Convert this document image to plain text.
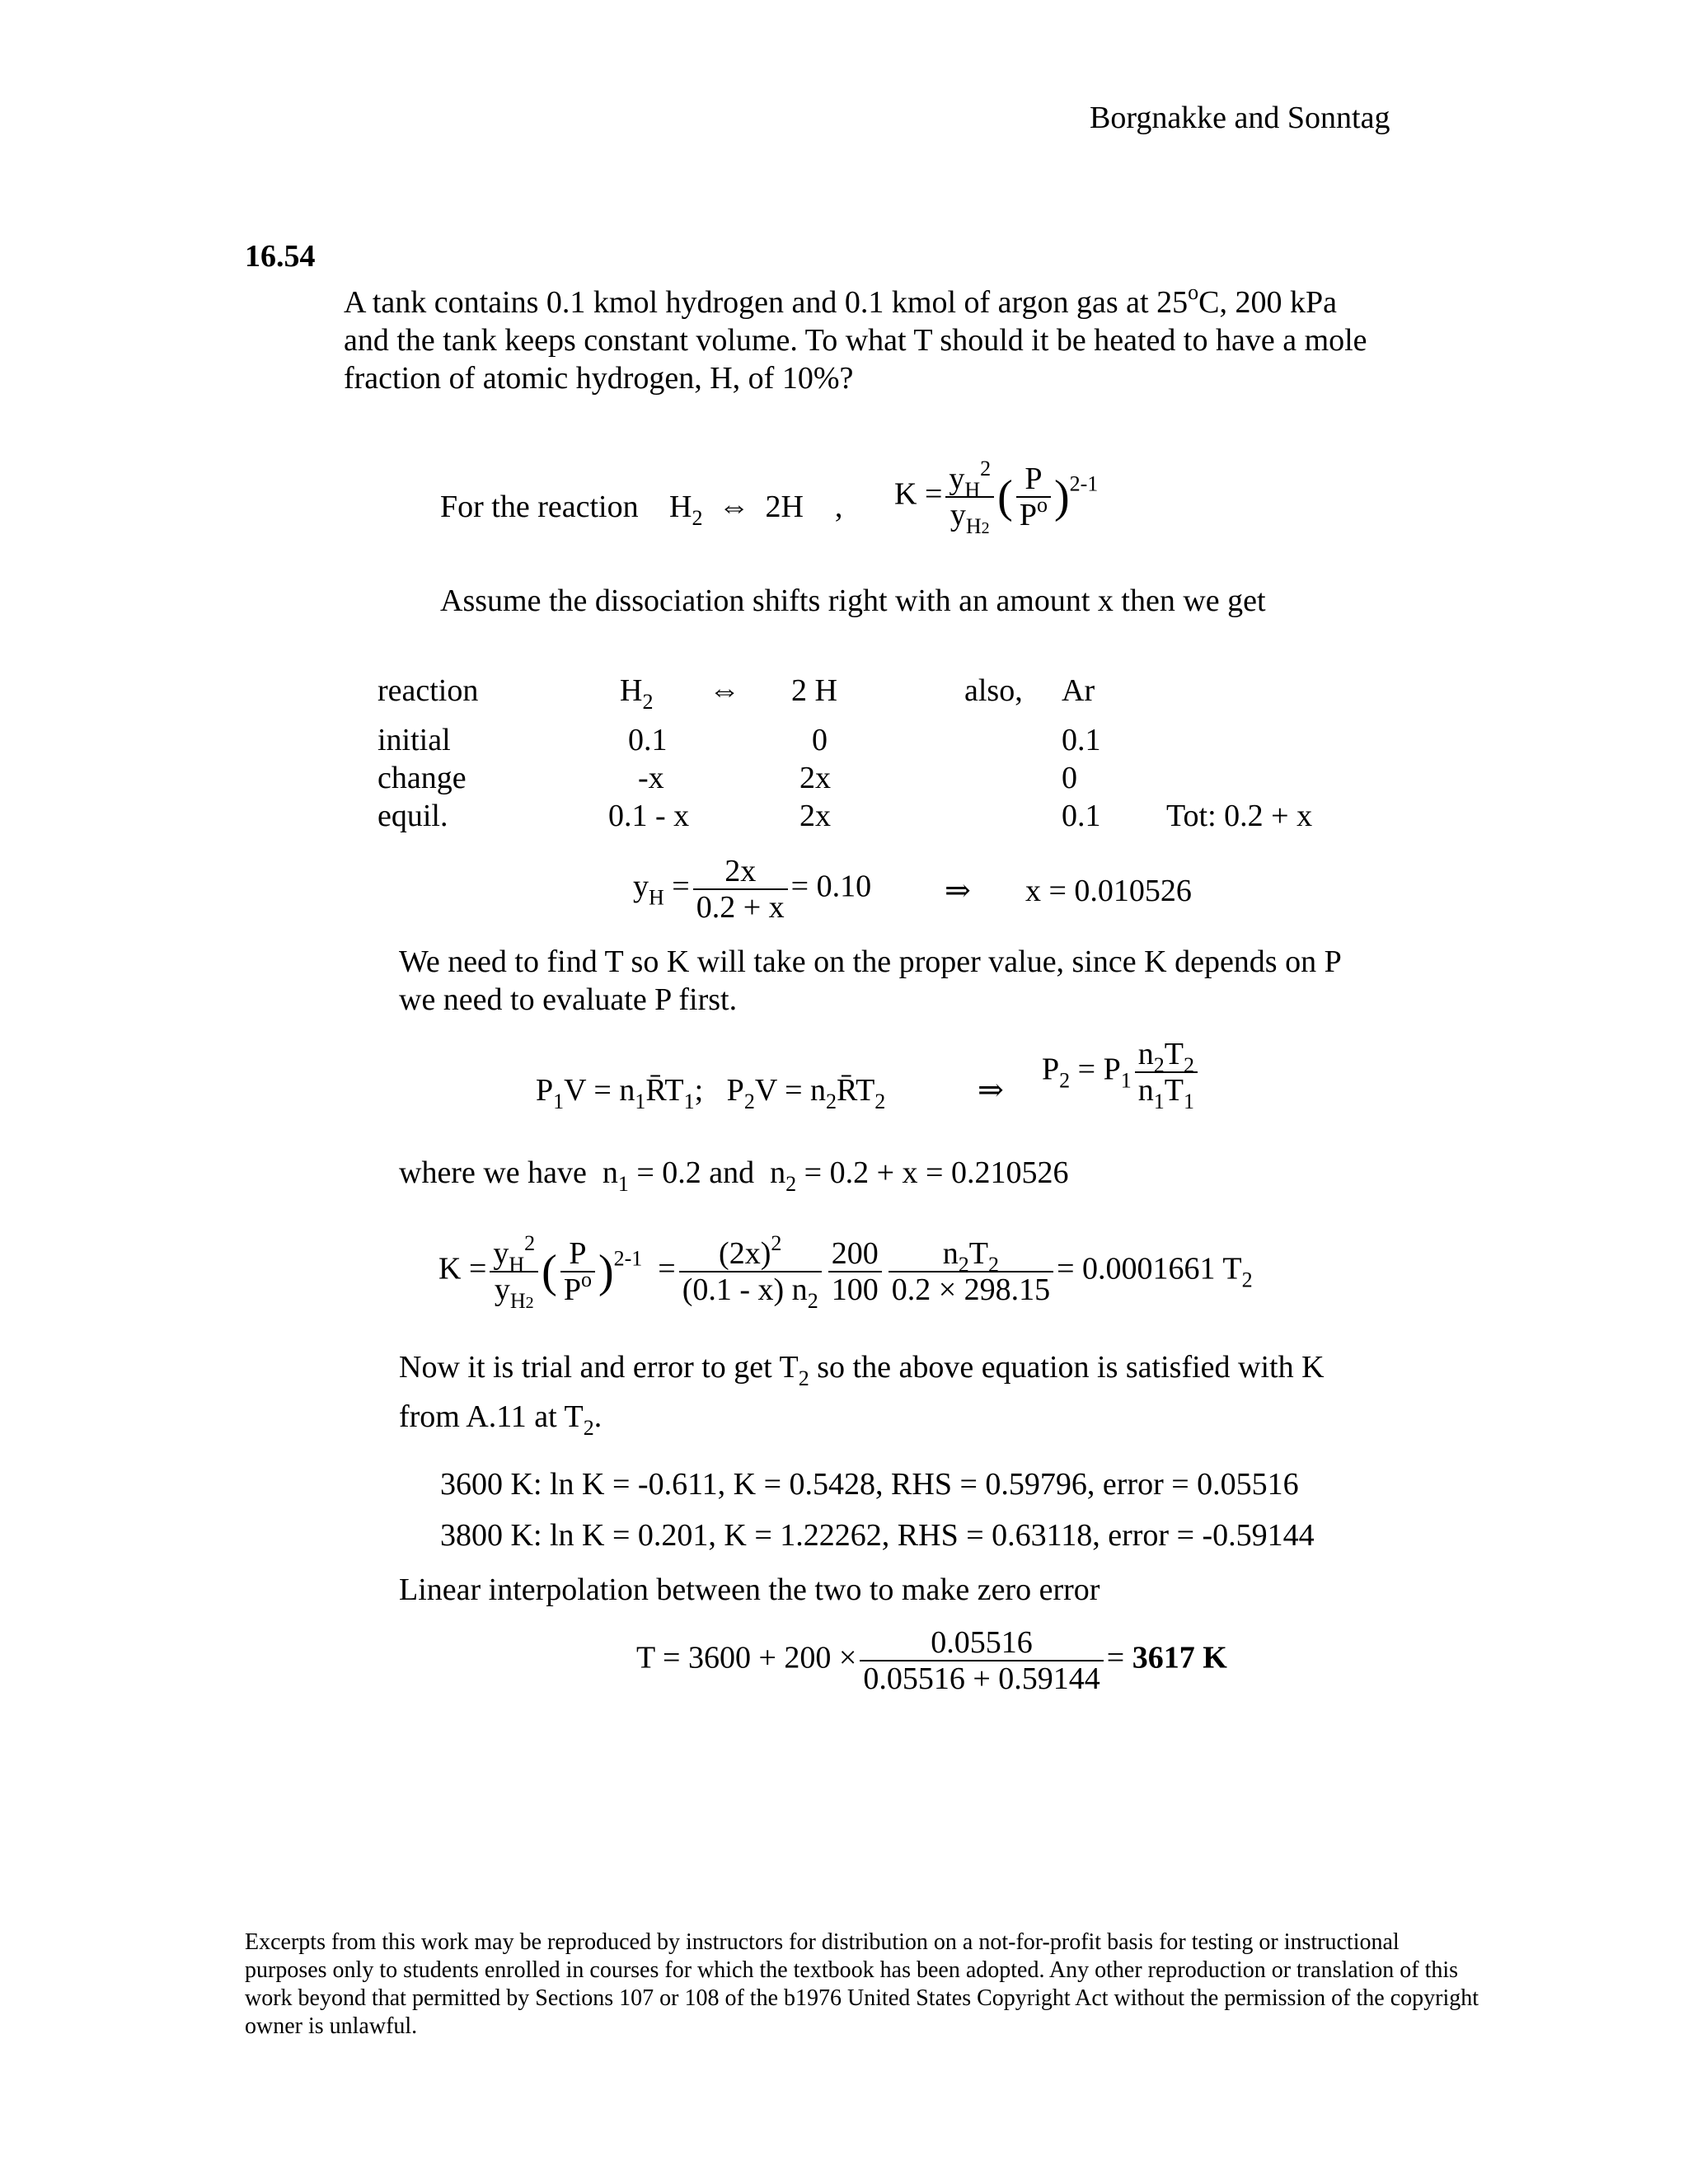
Borgnakke and Sonntag
16.54
A tank contains 0.1 kmol hydrogen and 0.1 kmol of argon gas at 25$^o$C, 200 kPa
and the tank keeps constant volume. To what T should it be heated to have a mole
fraction of atomic hydrogen, H, of 10%?
For the reaction $H_2$  ⇔  2H    , $K = \frac{y_H^2}{y_{H2}}$ ( $\frac{P}{P^o} )^{2-1}$
Assume the dissociation shifts right with an amount x then we get
reaction
initial
change
equil.
$H_2$ ⇔ 2 H	also, Ar
0.1
-x
0.1 - x
0
2x
2x
0.1
0
0.1 Tot: 0.2 + x
$y_H = \frac{2x}{0.2 + x} = 0.10$ ⇒ x = 0.010526
We need to find T so K will take on the proper value, since K depends on P
we need to evaluate P first.
$P_1V$ = $n_1R̄T_1$;   $P_2V$ = $n_2R̄T_2$	⇒
$P_2 = P_1 \frac{n_2T_2}{n_1T_1}$
where we have  $n_1 = 0.2$ and  $n_2 = 0.2 + x = 0.210526$
$K = \frac{y_H^2}{y_{H2}}$ ( $\frac{P}{P^o} )^{2-1} = \frac{(2x)^2}{(0.1 - x) n_2} \frac{200}{100} \frac{n_2T_2}{0.2 \times 298.15} = 0.0001661$ $T_2$
Now it is trial and error to get $T_2$ so the above equation is satisfied with K
from A.11 at $T_2$.
3600 K: ln K = -0.611, K = 0.5428, RHS = 0.59796, error = 0.05516
3800 K: ln K = 0.201, K = 1.22262, RHS = 0.63118, error = -0.59144
Linear interpolation between the two to make zero error
$T = 3600 + 200 \times \frac{0.05516}{0.05516 + 0.59144} = 3617$ K
Excerpts from this work may be reproduced by instructors for distribution on a not-for-profit basis for testing or instructional purposes only to students enrolled in courses for which the textbook has been adopted. Any other reproduction or translation of this work beyond that permitted by Sections 107 or 108 of the b1976 United States Copyright Act without the permission of the copyright owner is unlawful.
